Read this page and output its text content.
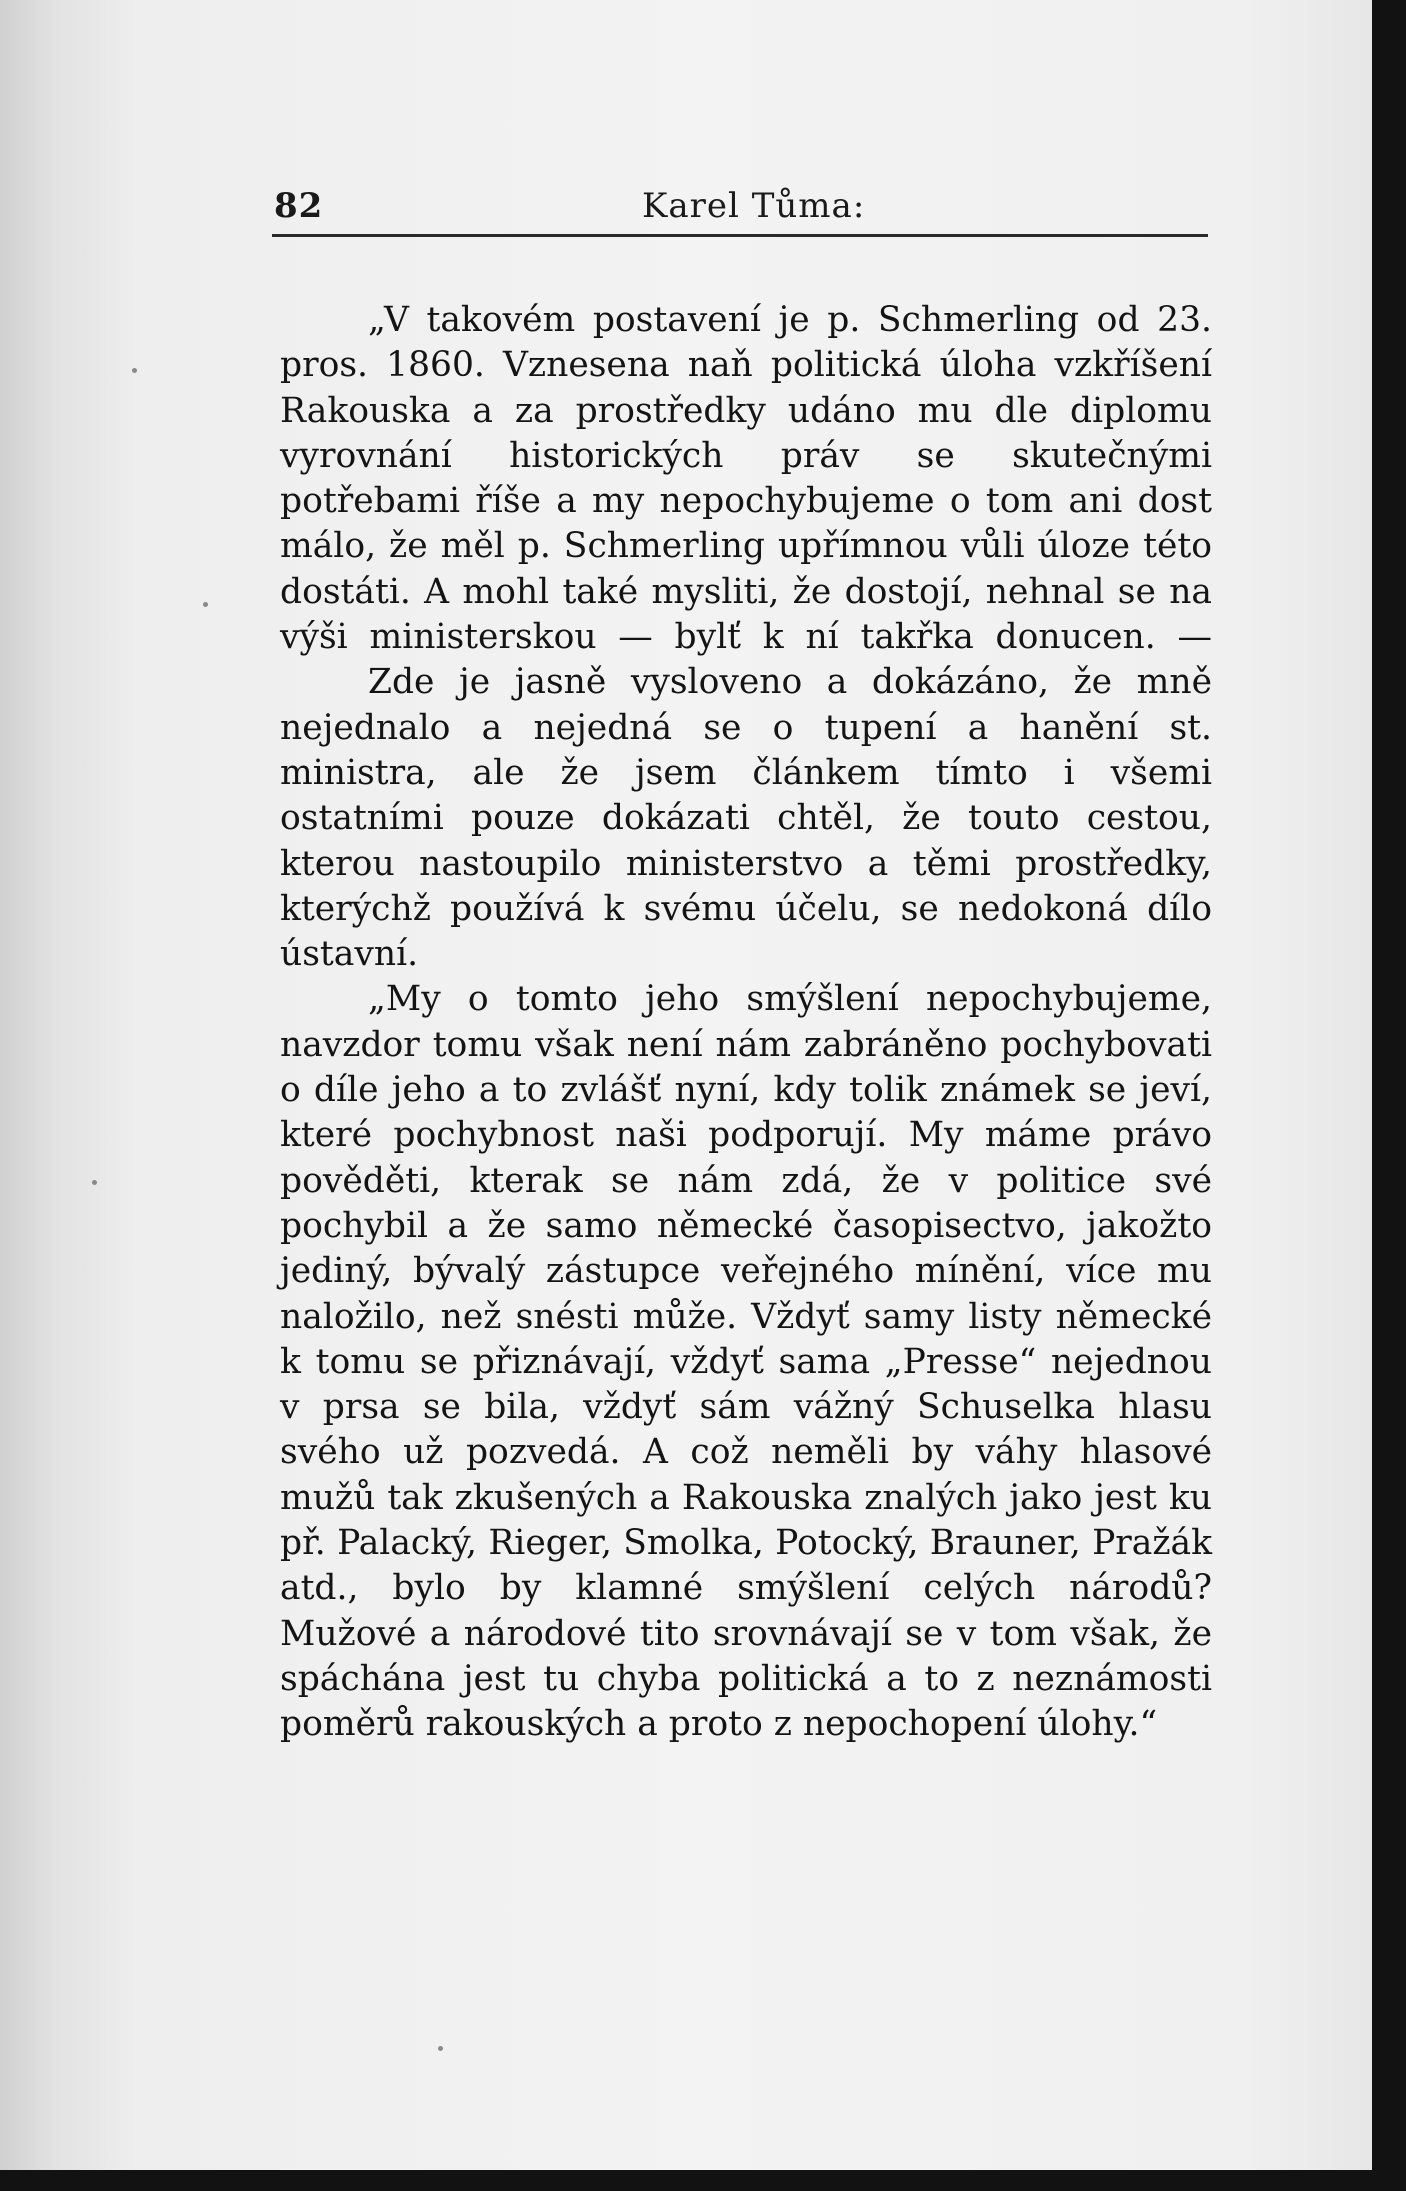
82	Karel Tůma:

„V takovém postavení je p. Schmerling od 23. pros. 1860. Vznesena naň politická úloha vzkříšení Rakouska a za prostředky udáno mu dle diplomu vyrovnání historických práv se skutečnými potřebami říše a my nepochybujeme o tom ani dost málo, že měl p. Schmerling upřímnou vůli úloze této dostáti. A mohl také mysliti, že dostojí, nehnal se na výši ministerskou — bylť k ní takřka donucen. —

Zde je jasně vysloveno a dokázáno, že mně nejednalo a nejedná se o tupení a hanění st. ministra, ale že jsem článkem tímto i všemi ostatními pouze dokázati chtěl, že touto cestou, kterou nastoupilo ministerstvo a těmi prostředky, kterýchž používá k svému účelu, se nedokoná dílo ústavní.

„My o tomto jeho smýšlení nepochybujeme, navzdor tomu však není nám zabráněno pochybovati o díle jeho a to zvlášť nyní, kdy tolik známek se jeví, které pochybnost naši podporují. My máme právo pověděti, kterak se nám zdá, že v politice své pochybil a že samo německé časopisectvo, jakožto jediný, bývalý zástupce veřejného mínění, více mu naložilo, než snésti může. Vždyť samy listy německé k tomu se přiznávají, vždyť sama „Presse“ nejednou v prsa se bila, vždyť sám vážný Schuselka hlasu svého už pozvedá. A což neměli by váhy hlasové mužů tak zkušených a Rakouska znalých jako jest ku př. Palacký, Rieger, Smolka, Potocký, Brauner, Pražák atd., bylo by klamné smýšlení celých národů? Mužové a národové tito srovnávají se v tom však, že spáchána jest tu chyba politická a to z neznámosti poměrů rakouských a proto z nepochopení úlohy.“
